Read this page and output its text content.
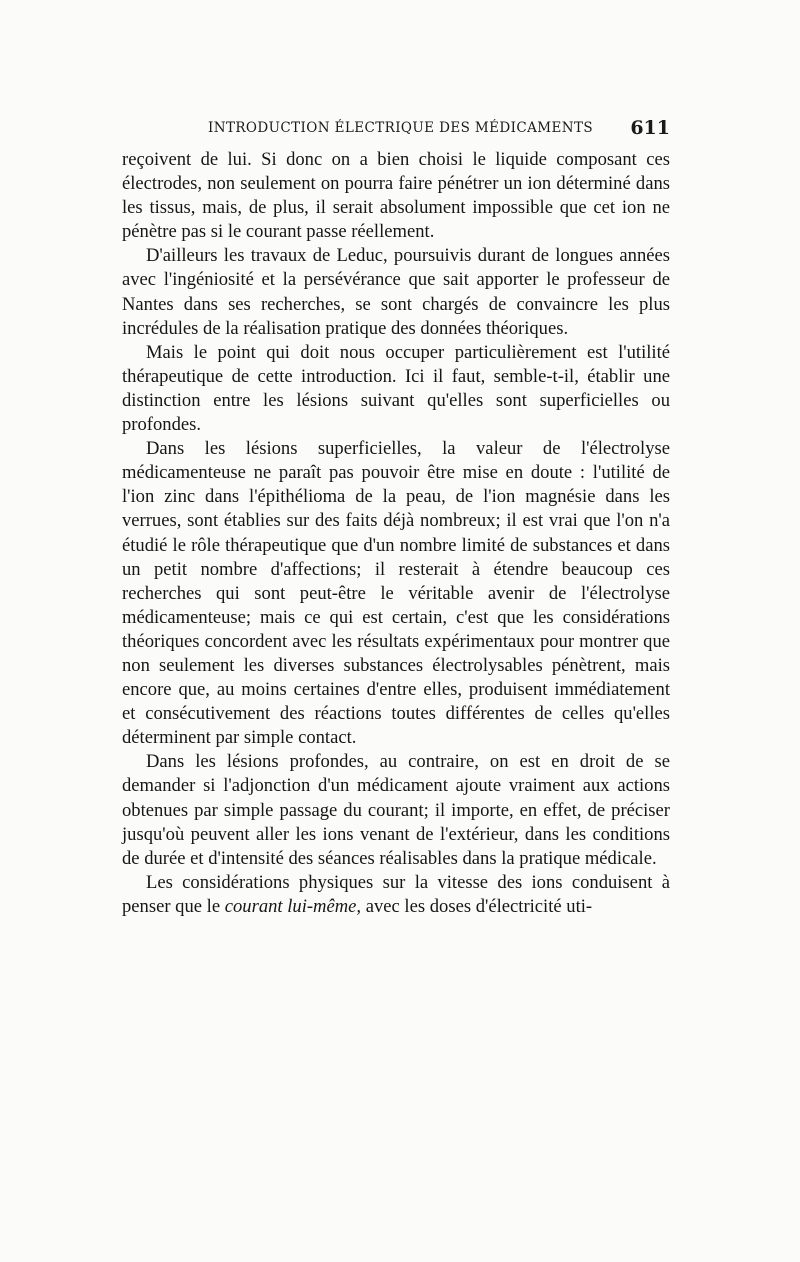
INTRODUCTION ÉLECTRIQUE DES MÉDICAMENTS 611

reçoivent de lui. Si donc on a bien choisi le liquide composant ces électrodes, non seulement on pourra faire pénétrer un ion déterminé dans les tissus, mais, de plus, il serait absolument impossible que cet ion ne pénètre pas si le courant passe réellement.

D'ailleurs les travaux de Leduc, poursuivis durant de longues années avec l'ingéniosité et la persévérance que sait apporter le professeur de Nantes dans ses recherches, se sont chargés de convaincre les plus incrédules de la réalisation pratique des données théoriques.

Mais le point qui doit nous occuper particulièrement est l'utilité thérapeutique de cette introduction. Ici il faut, semble-t-il, établir une distinction entre les lésions suivant qu'elles sont superficielles ou profondes.

Dans les lésions superficielles, la valeur de l'électrolyse médicamenteuse ne paraît pas pouvoir être mise en doute : l'utilité de l'ion zinc dans l'épithélioma de la peau, de l'ion magnésie dans les verrues, sont établies sur des faits déjà nombreux; il est vrai que l'on n'a étudié le rôle thérapeutique que d'un nombre limité de substances et dans un petit nombre d'affections; il resterait à étendre beaucoup ces recherches qui sont peut-être le véritable avenir de l'électrolyse médicamenteuse; mais ce qui est certain, c'est que les considérations théoriques concordent avec les résultats expérimentaux pour montrer que non seulement les diverses substances électrolysables pénètrent, mais encore que, au moins certaines d'entre elles, produisent immédiatement et consécutivement des réactions toutes différentes de celles qu'elles déterminent par simple contact.

Dans les lésions profondes, au contraire, on est en droit de se demander si l'adjonction d'un médicament ajoute vraiment aux actions obtenues par simple passage du courant; il importe, en effet, de préciser jusqu'où peuvent aller les ions venant de l'extérieur, dans les conditions de durée et d'intensité des séances réalisables dans la pratique médicale.

Les considérations physiques sur la vitesse des ions conduisent à penser que le courant lui-même, avec les doses d'électricité uti-
